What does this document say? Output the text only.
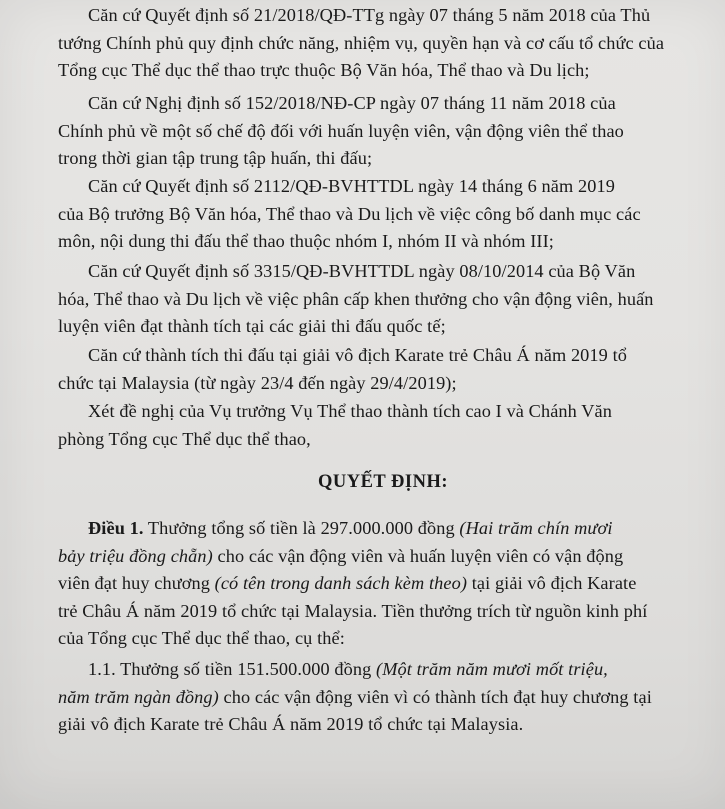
Căn cứ Quyết định số 21/2018/QĐ-TTg ngày 07 tháng 5 năm 2018 của Thủ
tướng Chính phủ quy định chức năng, nhiệm vụ, quyền hạn và cơ cấu tổ chức của
Tổng cục Thể dục thể thao trực thuộc Bộ Văn hóa, Thể thao và Du lịch;
Căn cứ Nghị định số 152/2018/NĐ-CP ngày 07 tháng 11 năm 2018 của
Chính phủ về một số chế độ đối với huấn luyện viên, vận động viên thể thao
trong thời gian tập trung tập huấn, thi đấu;
Căn cứ Quyết định số 2112/QĐ-BVHTTDL ngày 14 tháng 6 năm 2019
của Bộ trưởng Bộ Văn hóa, Thể thao và Du lịch về việc công bố danh mục các
môn, nội dung thi đấu thể thao thuộc nhóm I, nhóm II và nhóm III;
Căn cứ Quyết định số 3315/QĐ-BVHTTDL ngày 08/10/2014 của Bộ Văn
hóa, Thể thao và Du lịch về việc phân cấp khen thưởng cho vận động viên, huấn
luyện viên đạt thành tích tại các giải thi đấu quốc tế;
Căn cứ thành tích thi đấu tại giải vô địch Karate trẻ Châu Á năm 2019 tổ
chức tại Malaysia (từ ngày 23/4 đến ngày 29/4/2019);
Xét đề nghị của Vụ trưởng Vụ Thể thao thành tích cao I và Chánh Văn
phòng Tổng cục Thể dục thể thao,
QUYẾT ĐỊNH:
Điều 1. Thưởng tổng số tiền là 297.000.000 đồng (Hai trăm chín mươi
bảy triệu đồng chẵn) cho các vận động viên và huấn luyện viên có vận động
viên đạt huy chương (có tên trong danh sách kèm theo) tại giải vô địch Karate
trẻ Châu Á năm 2019 tổ chức tại Malaysia. Tiền thưởng trích từ nguồn kinh phí
của Tổng cục Thể dục thể thao, cụ thể:
1.1. Thưởng số tiền 151.500.000 đồng (Một trăm năm mươi mốt triệu,
năm trăm ngàn đồng) cho các vận động viên vì có thành tích đạt huy chương tại
giải vô địch Karate trẻ Châu Á năm 2019 tổ chức tại Malaysia.
